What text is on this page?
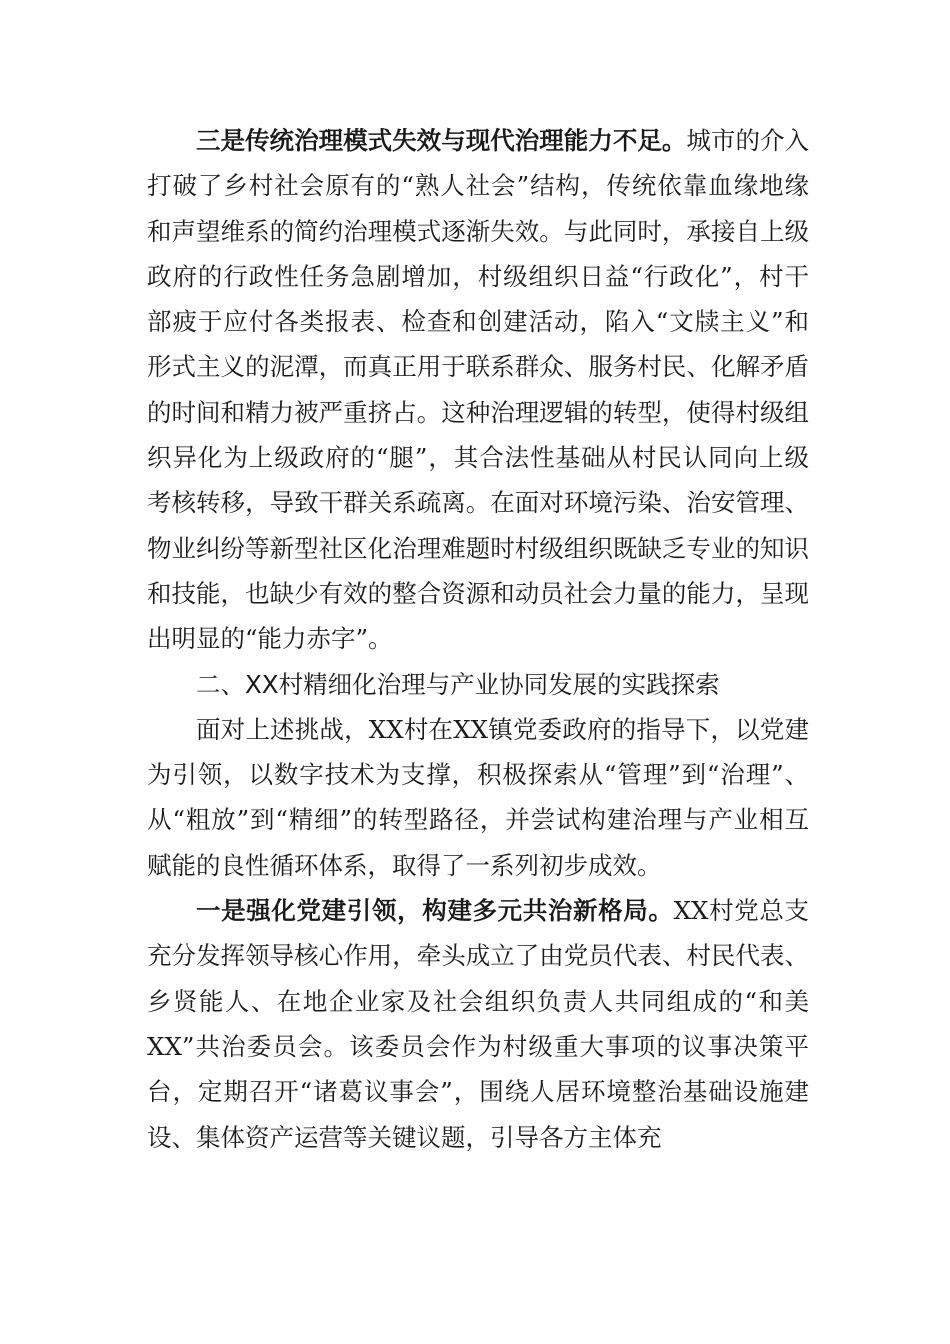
三是传统治理模式失效与现代治理能力不足。城市的介入打破了乡村社会原有的“熟人社会”结构，传统依靠血缘地缘和声望维系的简约治理模式逐渐失效。与此同时，承接自上级政府的行政性任务急剧增加，村级组织日益“行政化”，村干部疲于应付各类报表、检查和创建活动，陷入“文牍主义”和形式主义的泥潭，而真正用于联系群众、服务村民、化解矛盾的时间和精力被严重挤占。这种治理逻辑的转型，使得村级组织异化为上级政府的“腿”，其合法性基础从村民认同向上级考核转移，导致干群关系疏离。在面对环境污染、治安管理、物业纠纷等新型社区化治理难题时村级组织既缺乏专业的知识和技能，也缺少有效的整合资源和动员社会力量的能力，呈现出明显的“能力赤字”。

二、XX村精细化治理与产业协同发展的实践探索

面对上述挑战，XX村在XX镇党委政府的指导下，以党建为引领，以数字技术为支撑，积极探索从“管理”到“治理”、从“粗放”到“精细”的转型路径，并尝试构建治理与产业相互赋能的良性循环体系，取得了一系列初步成效。

一是强化党建引领，构建多元共治新格局。XX村党总支充分发挥领导核心作用，牵头成立了由党员代表、村民代表、乡贤能人、在地企业家及社会组织负责人共同组成的“和美XX”共治委员会。该委员会作为村级重大事项的议事决策平台，定期召开“诸葛议事会”，围绕人居环境整治基础设施建设、集体资产运营等关键议题，引导各方主体充
